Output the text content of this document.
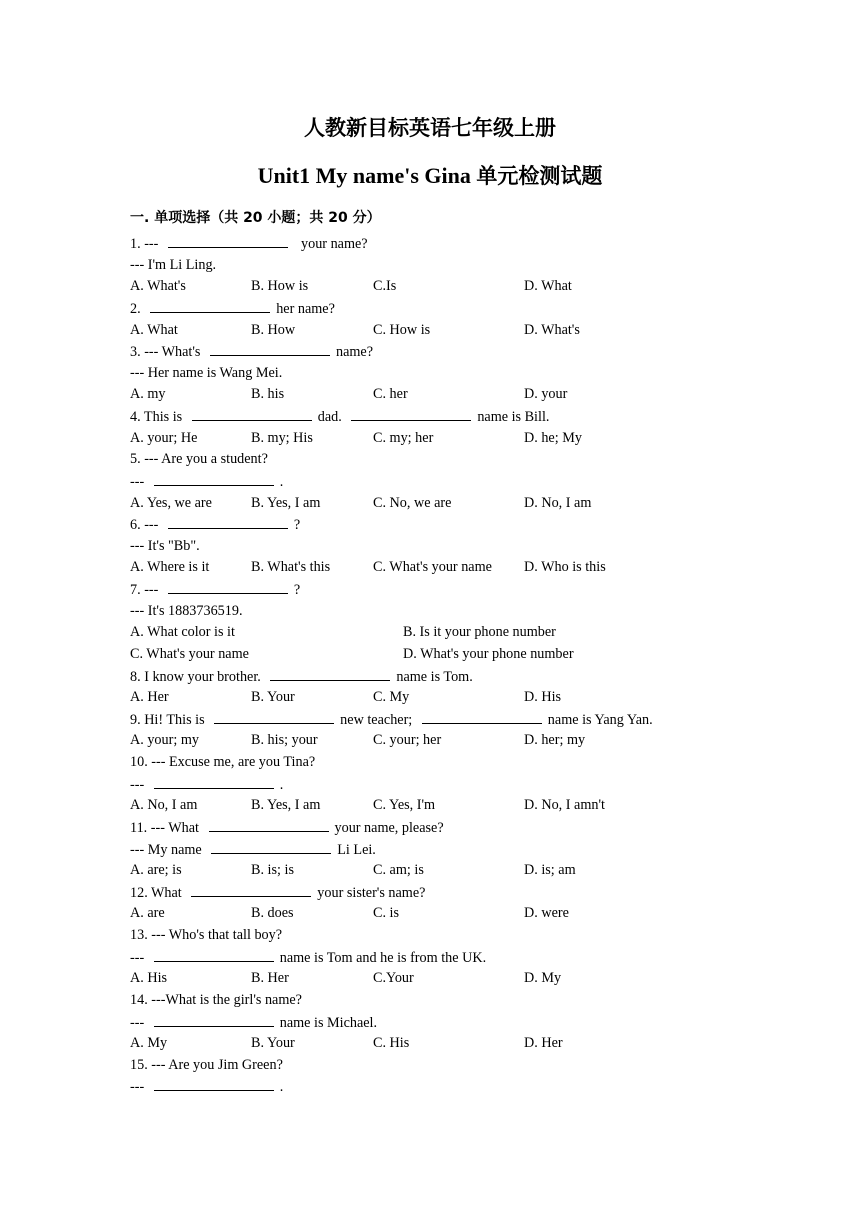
人教新目标英语七年级上册
Unit1 My name's Gina 单元检测试题
一. 单项选择（共 20 小题；共 20 分）
1. ---	your name?
--- I'm Li Ling.
A. What's	B. How is	C.Is	D. What
2.	her name?
A. What	B. How	C. How is	D. What's
3. --- What's	name?
--- Her name is Wang Mei.
A. my	B. his	C. her	D. your
4. This is	dad.	name is Bill.
A. your; He	B. my; His	C. my; her	D. he; My
5. --- Are you a student?
---	.
A. Yes, we are	B. Yes, I am	C. No, we are	D. No, I am
6. ---	?
--- It's "Bb".
A. Where is it	B. What's this	C. What's your name D. Who is this
7. ---	?
--- It's 1883736519.
A. What color is it	B. Is it your phone number
C. What's your name	D. What's your phone number
8. I know your brother.	name is Tom.
A. Her	B. Your	C. My	D. His
9. Hi! This is	new teacher;	name is Yang Yan.
A. your; my	B. his; your	C. your; her	D. her; my
10. --- Excuse me, are you Tina?
---	.
A. No, I am	B. Yes, I am	C. Yes, I'm	D. No, I amn't
11. --- What	your name, please?
--- My name	Li Lei.
A. are; is	B. is; is	C. am; is	D. is; am
12. What	your sister's name?
A. are	B. does	C. is	D. were
13. --- Who's that tall boy?
---	name is Tom and he is from the UK.
A. His	B. Her	C.Your	D. My
14. ---What is the girl's name?
---	name is Michael.
A. My	B. Your	C. His	D. Her
15. --- Are you Jim Green?
---	.
